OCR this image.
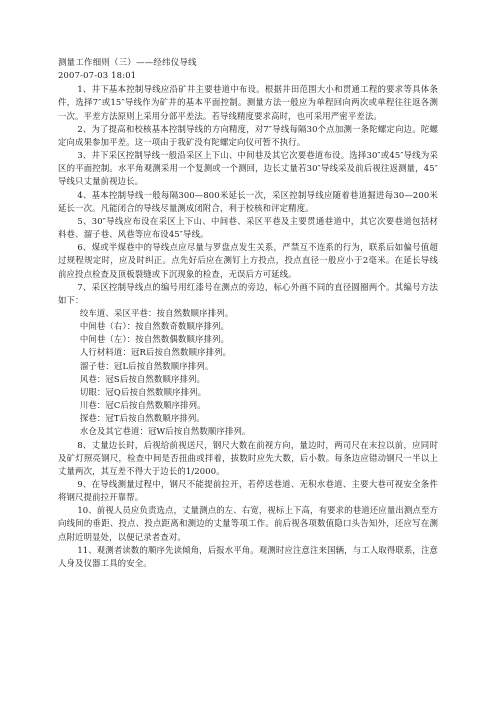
测量工作细则（三）——经纬仪导线

2007-07-03 18:01

1、井下基本控制导线应沿矿井主要巷道中布设。根据井田范围大小和贯通工程的要求等具体条件，选择7″或15″导线作为矿井的基本平面控制。测量方法一般应为单程回向两次或单程往往返各测一次。平差方法原则上采用分部平差法。若导线精度要求高时，也可采用严密平差法。

2、为了提高和校核基本控制导线的方向精度，对7″导线每隔30个点加测一条陀螺定向边。陀螺定向成果参加平差。这一项由于我矿没有陀螺定向仪可暂不执行。

3、井下采区控制导线一般沿采区上下山、中间巷及其它次要巷道布设。选择30″或45″导线为采区的平面控制。水平角观测采用一个复测或一个测回，边长丈量若30″导线采及前后视往返测量，45″导线只丈量前视边长。

4、基本控制导线一般每隔300—800米延长一次，采区控制导线应随着巷道掘进每30—200米延长一次。凡能闭合的导线尽量测成闭附合，利于校核和评定精度。

5、30″导线应布设在采区上下山、中间巷、采区平巷及主要贯通巷道中，其它次要巷道包括材料巷、溜子巷、风巷等应布设45″导线。

6、煤或半煤巷中的导线点应尽量与罗盘点发生关系，严禁互不连系的行为，联系后如偏号值超过规程规定时，应及时纠正。点先好后应在测钉上方投点，投点直径一般应小于2毫米。在延长导线前应投点检查及顶板裂缝或下沉现象的检查，无误后方可延线。

7、采区控制导线点的编号用红漆号在测点的旁边，标心外画不同的直径圆圈两个。其编号方法如下：

绞车道、采区平巷：按自然数顺序排列。

中间巷（右）：按自然数奇数顺序排列。

中间巷（左）：按自然数偶数顺序排列。

人行材料道：冠R后按自然数顺序排列。

溜子巷：冠L后按自然数顺序排列。

风巷：冠S后按自然数顺序排列。

切眼：冠Q后按自然数顺序排列。

川巷：冠C后按自然数顺序排列。

探巷：冠T后按自然数顺序排列。

水仓及其它巷道：冠W后按自然数顺序排列。

8、丈量边长时，后视给前视送尺，钢尺大数在前视方向，量边时，两司尺在末拉以前，应同时及矿灯照亮钢尺，检查中间是否扭曲或拌着，拔数时应先大数，后小数。每条边应错动钢尺一半以上丈量两次，其互差不得大于边长的1/2000。

9、在导线测量过程中，钢尺不能提前拉开，若停送巷道、无积水巷道、主要大巷可视安全条件将钢尺提前拉开靠帮。

10、前视人员应负责选点，丈量测点的左、右宽，视标上下高，有要求的巷道还应量出测点至方向线间的垂距、投点、投点距离和测边的丈量等项工作。前后视各项数值隐口头告知外，还应写在测点附近明显处，以便记录者查对。

11、观测者读数的顺序先读倾角，后报水平角。观测时应注意注来国辆，与工人取得联系，注意人身及仪器工具的安全。
